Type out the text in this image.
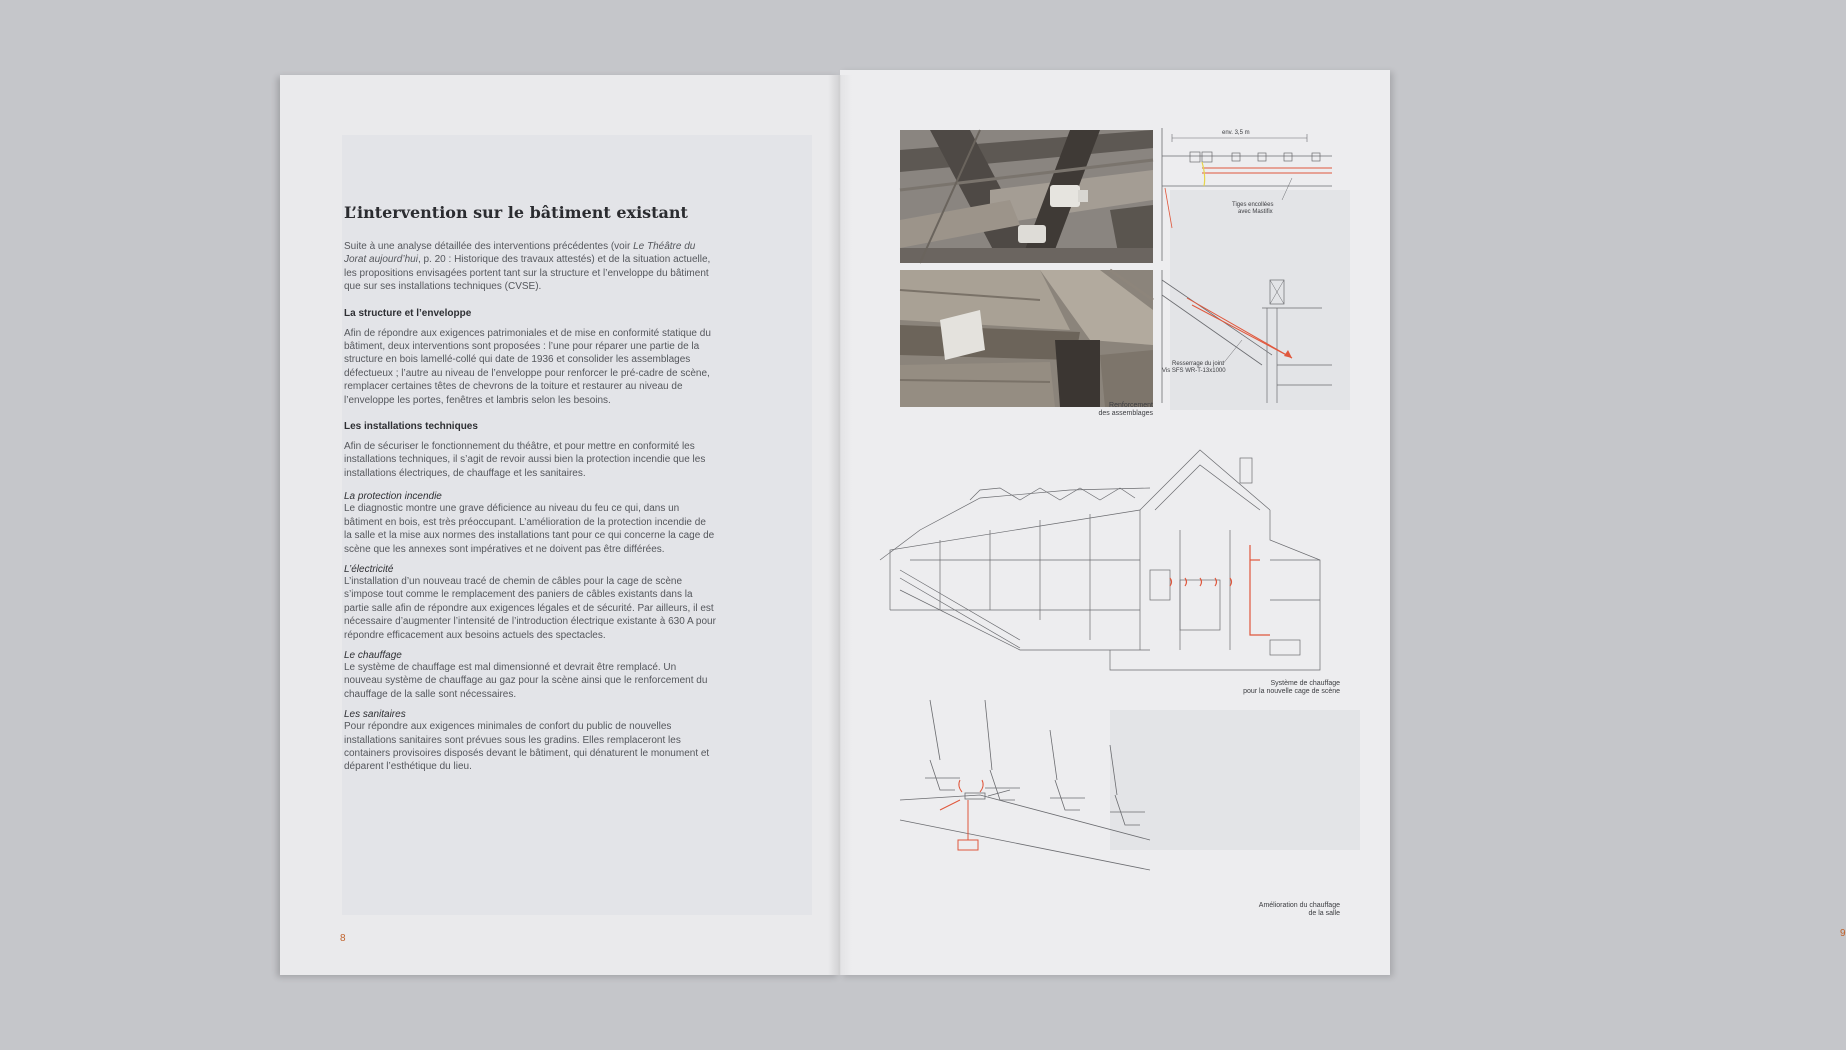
L’intervention sur le bâtiment existant

Suite à une analyse détaillée des interventions précédentes (voir Le Théâtre du Jorat aujourd’hui, p. 20 : Historique des travaux attestés) et de la situation actuelle, les propositions envisagées portent tant sur la structure et l’enveloppe du bâtiment que sur ses installations techniques (CVSE).

La structure et l’enveloppe

Afin de répondre aux exigences patrimoniales et de mise en conformité statique du bâtiment, deux interventions sont proposées : l’une pour réparer une partie de la structure en bois lamellé-collé qui date de 1936 et consolider les assemblages défectueux ; l’autre au niveau de l’enveloppe pour renforcer le pré-cadre de scène, remplacer certaines têtes de chevrons de la toiture et restaurer au niveau de l’enveloppe les portes, fenêtres et lambris selon les besoins.

Les installations techniques

Afin de sécuriser le fonctionnement du théâtre, et pour mettre en conformité les installations techniques, il s’agit de revoir aussi bien la protection incendie que les installations électriques, de chauffage et les sanitaires.

La protection incendie

Le diagnostic montre une grave déficience au niveau du feu ce qui, dans un bâtiment en bois, est très préoccupant. L’amélioration de la protection incendie de la salle et la mise aux normes des installations tant pour ce qui concerne la cage de scène que les annexes sont impératives et ne doivent pas être différées.

L’électricité

L’installation d’un nouveau tracé de chemin de câbles pour la cage de scène s’impose tout comme le remplacement des paniers de câbles existants dans la partie salle afin de répondre aux exigences légales et de sécurité. Par ailleurs, il est nécessaire d’augmenter l’intensité de l’introduction électrique existante à 630 A pour répondre efficacement aux besoins actuels des spectacles.

Le chauffage

Le système de chauffage est mal dimensionné et devrait être remplacé. Un nouveau système de chauffage au gaz pour la scène ainsi que le renforcement du chauffage de la salle sont nécessaires.

Les sanitaires

Pour répondre aux exigences minimales de confort du public de nouvelles installations sanitaires sont prévues sous les gradins. Elles remplaceront les containers provisoires disposés devant le bâtiment, qui dénaturent le monument et déparent l’esthétique du lieu.

8
Renforcement
des assemblages
env. 3,5 m
Tiges encollées avec Mastifix
Resserrage du joint Vis SFS WR-T-13x1000
Système de chauffage
pour la nouvelle cage de scène
Amélioration du chauffage
de la salle
9
